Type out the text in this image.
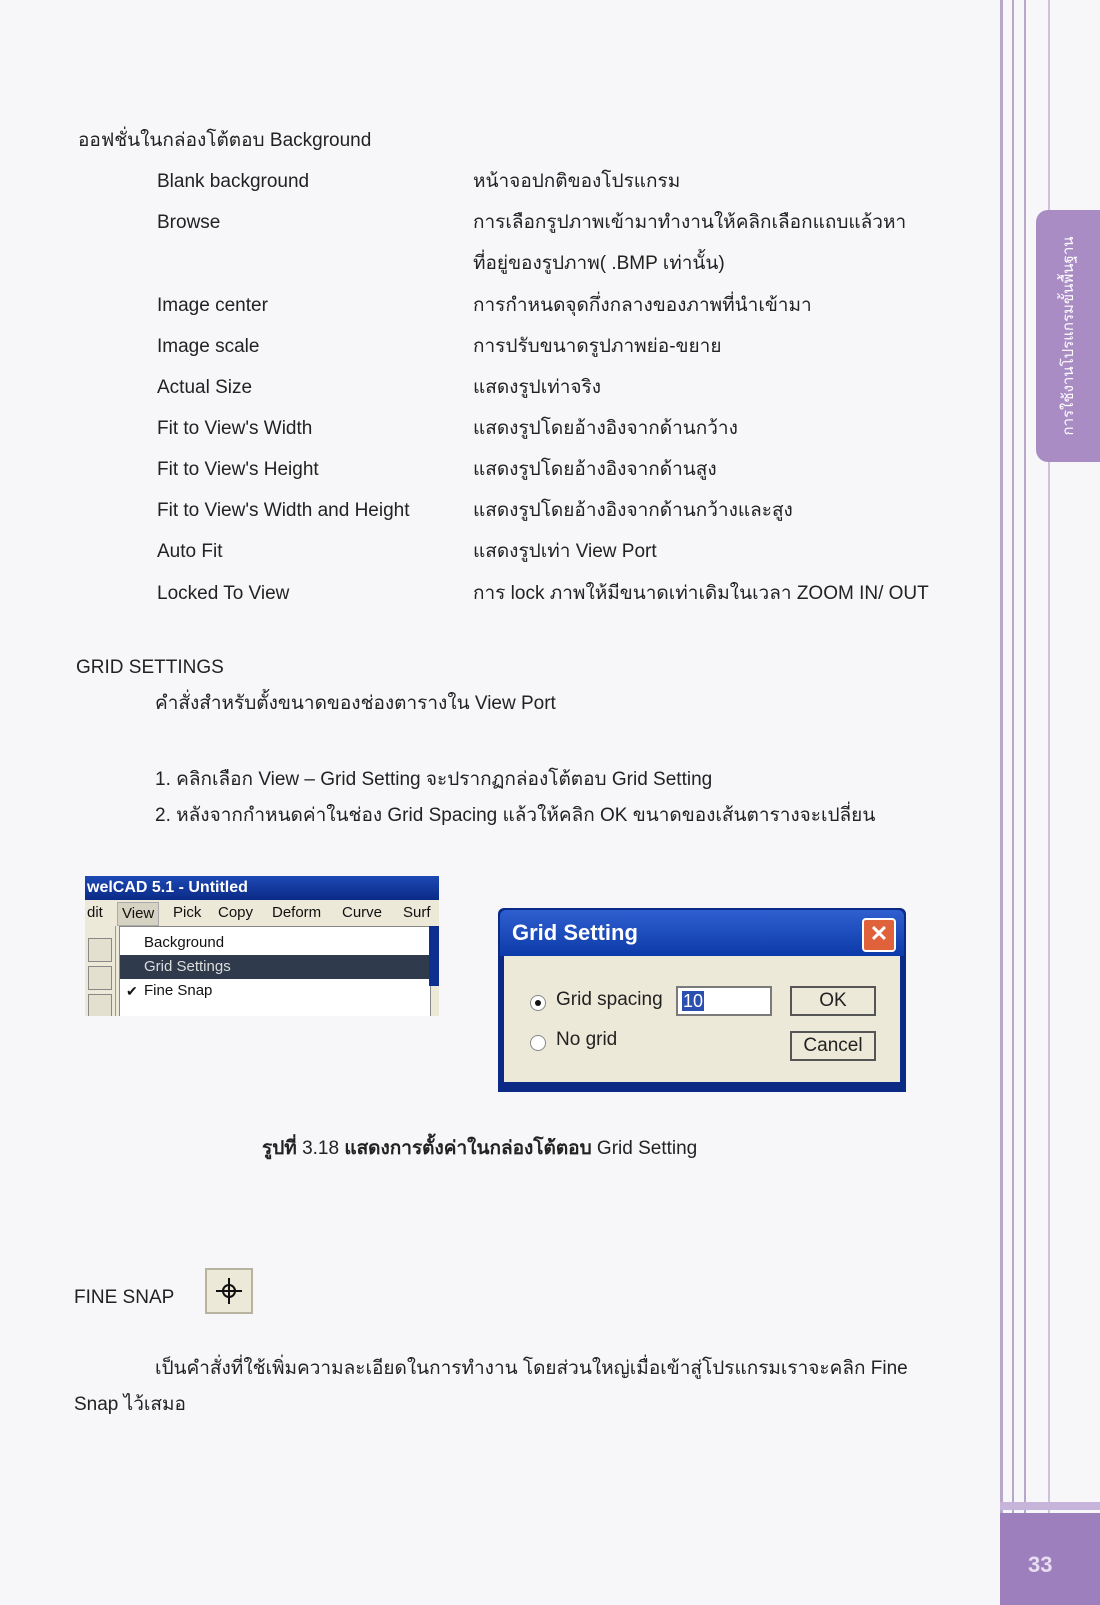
การใช้งานโปรแกรมขั้นพื้นฐาน
ออฟชั่นในกล่องโต้ตอบ Background
Blank background	หน้าจอปกติของโปรแกรม
Browse	การเลือกรูปภาพเข้ามาทำงานให้คลิกเลือกแถบแล้วหา
ที่อยู่ของรูปภาพ( .BMP เท่านั้น)
Image center	การกำหนดจุดกึ่งกลางของภาพที่นำเข้ามา
Image scale	การปรับขนาดรูปภาพย่อ-ขยาย
Actual Size	แสดงรูปเท่าจริง
Fit to View's Width	แสดงรูปโดยอ้างอิงจากด้านกว้าง
Fit to View's Height	แสดงรูปโดยอ้างอิงจากด้านสูง
Fit to View's Width and Height	แสดงรูปโดยอ้างอิงจากด้านกว้างและสูง
Auto Fit	แสดงรูปเท่า View Port
Locked To View	การ lock ภาพให้มีขนาดเท่าเดิมในเวลา ZOOM IN/ OUT
GRID SETTINGS
คำสั่งสำหรับตั้งขนาดของช่องตารางใน View Port
1. คลิกเลือก View – Grid Setting จะปรากฏกล่องโต้ตอบ Grid Setting
2. หลังจากกำหนดค่าในช่อง Grid Spacing แล้วให้คลิก OK ขนาดของเส้นตารางจะเปลี่ยน
welCAD 5.1 - Untitled
dit	View	Pick Copy Deform Curve Surf
Background
Grid Settings
✔ Fine Snap
Grid Setting	✕
Grid spacing	10
No grid
OK
Cancel
รูปที่ 3.18 แสดงการตั้งค่าในกล่องโต้ตอบ Grid Setting
FINE SNAP
เป็นคำสั่งที่ใช้เพิ่มความละเอียดในการทำงาน โดยส่วนใหญ่เมื่อเข้าสู่โปรแกรมเราจะคลิก Fine
Snap ไว้เสมอ
33
